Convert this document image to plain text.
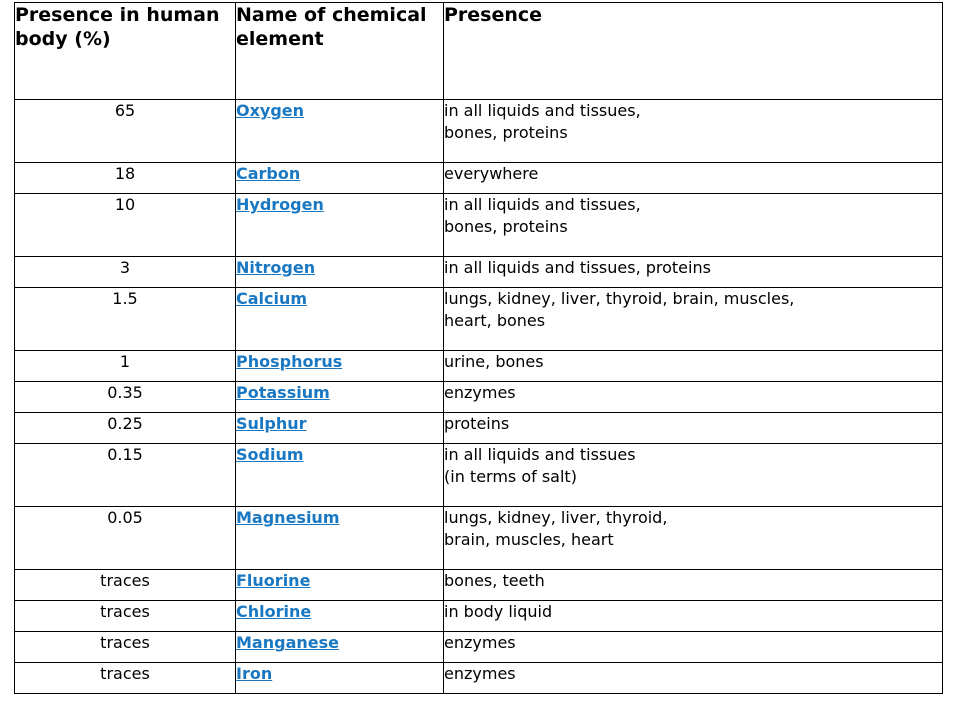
Presence in human body (%)	Name of chemical element	Presence
65	Oxygen	in all liquids and tissues,
bones, proteins
18	Carbon	everywhere
10	Hydrogen	in all liquids and tissues,
bones, proteins
3	Nitrogen	in all liquids and tissues, proteins
1.5	Calcium	lungs, kidney, liver, thyroid, brain, muscles,
heart, bones
1	Phosphorus	urine, bones
0.35	Potassium	enzymes
0.25	Sulphur	proteins
0.15	Sodium	in all liquids and tissues
(in terms of salt)
0.05	Magnesium	lungs, kidney, liver, thyroid,
brain, muscles, heart
traces	Fluorine	bones, teeth
traces	Chlorine	in body liquid
traces	Manganese	enzymes
traces	Iron	enzymes
